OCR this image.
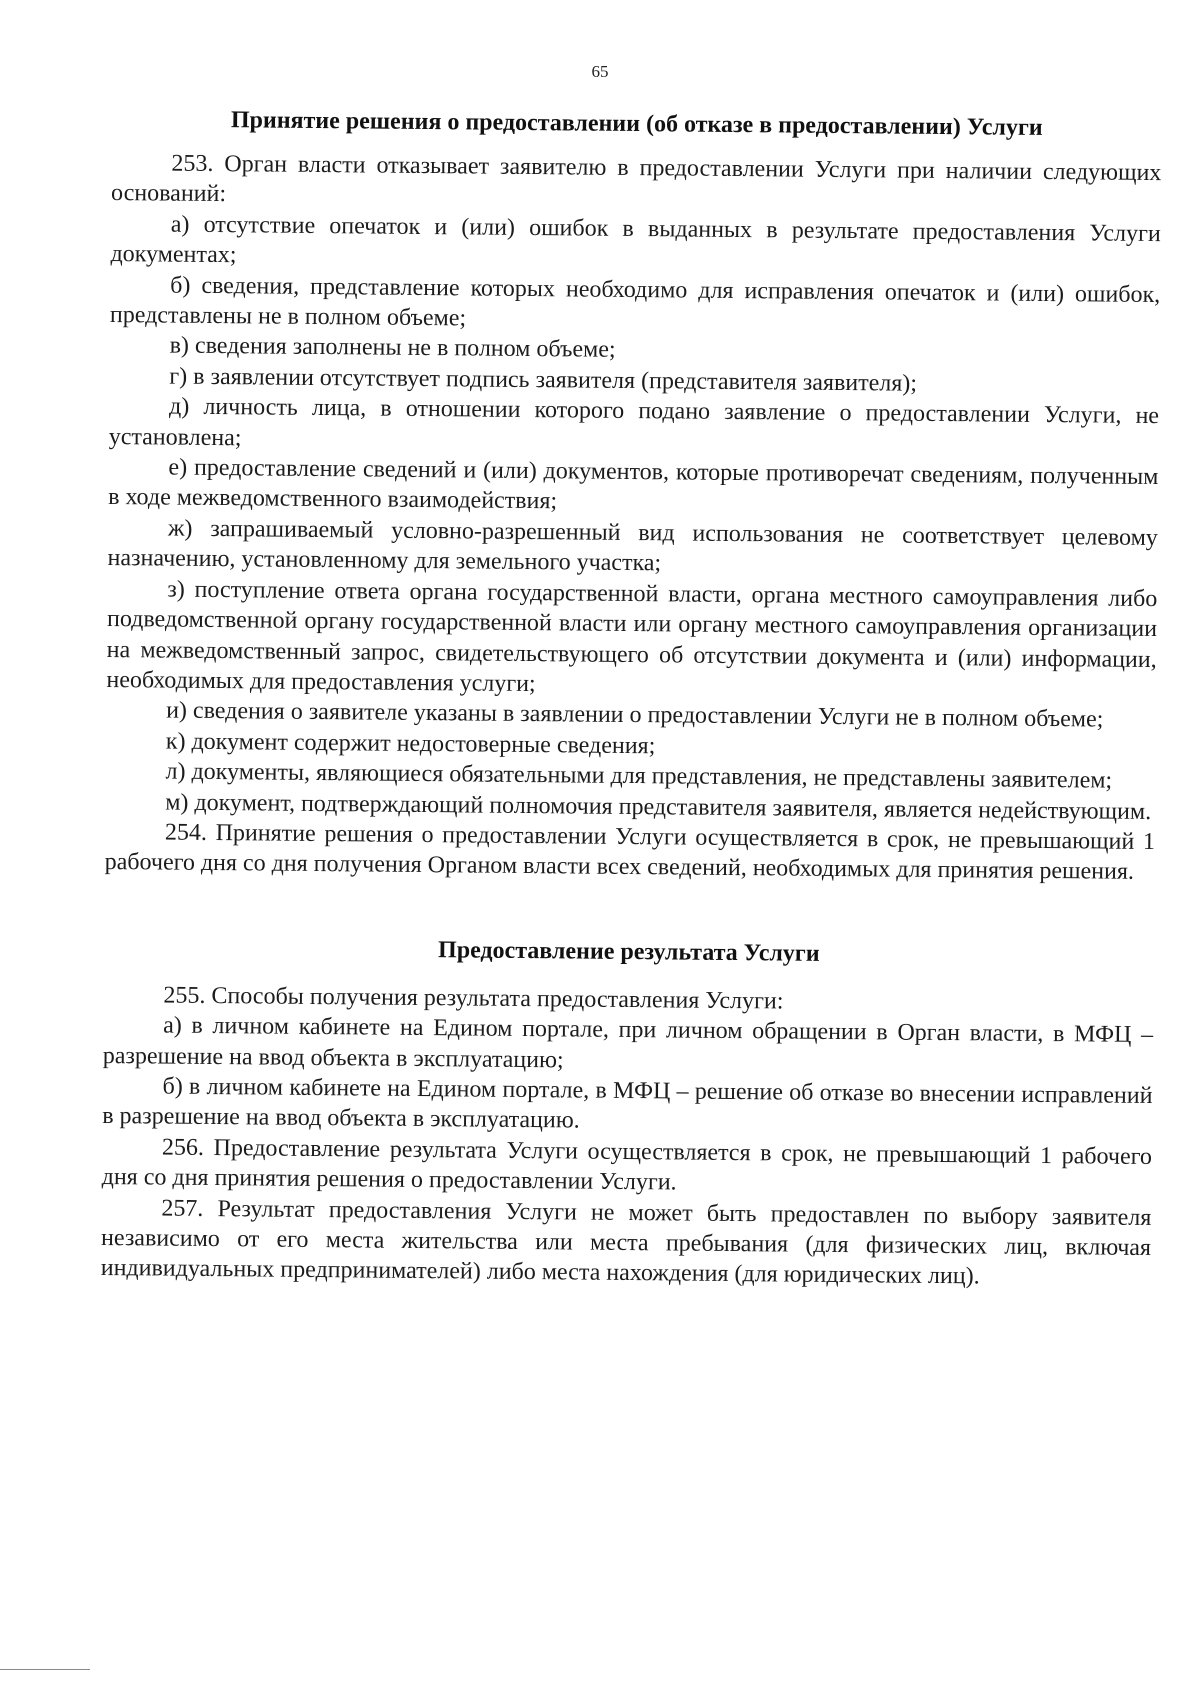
65
Принятие решения о предоставлении (об отказе в предоставлении) Услуги

253. Орган власти отказывает заявителю в предоставлении Услуги при наличии следующих оснований:

а) отсутствие опечаток и (или) ошибок в выданных в результате предоставления Услуги документах;

б) сведения, представление которых необходимо для исправления опечаток и (или) ошибок, представлены не в полном объеме;

в) сведения заполнены не в полном объеме;

г) в заявлении отсутствует подпись заявителя (представителя заявителя);

д) личность лица, в отношении которого подано заявление о предоставлении Услуги, не установлена;

е) предоставление сведений и (или) документов, которые противоречат сведениям, полученным в ходе межведомственного взаимодействия;

ж) запрашиваемый условно-разрешенный вид использования не соответствует целевому назначению, установленному для земельного участка;

з) поступление ответа органа государственной власти, органа местного самоуправления либо подведомственной органу государственной власти или органу местного самоуправления организации на межведомственный запрос, свидетельствующего об отсутствии документа и (или) информации, необходимых для предоставления услуги;

и) сведения о заявителе указаны в заявлении о предоставлении Услуги не в полном объеме;

к) документ содержит недостоверные сведения;

л) документы, являющиеся обязательными для представления, не представлены заявителем;

м) документ, подтверждающий полномочия представителя заявителя, является недействующим.

254. Принятие решения о предоставлении Услуги осуществляется в срок, не превышающий 1 рабочего дня со дня получения Органом власти всех сведений, необходимых для принятия решения.

Предоставление результата Услуги

255. Способы получения результата предоставления Услуги:

а) в личном кабинете на Едином портале, при личном обращении в Орган власти, в МФЦ – разрешение на ввод объекта в эксплуатацию;

б) в личном кабинете на Едином портале, в МФЦ – решение об отказе во внесении исправлений в разрешение на ввод объекта в эксплуатацию.

256. Предоставление результата Услуги осуществляется в срок, не превышающий 1 рабочего дня со дня принятия решения о предоставлении Услуги.

257. Результат предоставления Услуги не может быть предоставлен по выбору заявителя независимо от его места жительства или места пребывания (для физических лиц, включая индивидуальных предпринимателей) либо места нахождения (для юридических лиц).
